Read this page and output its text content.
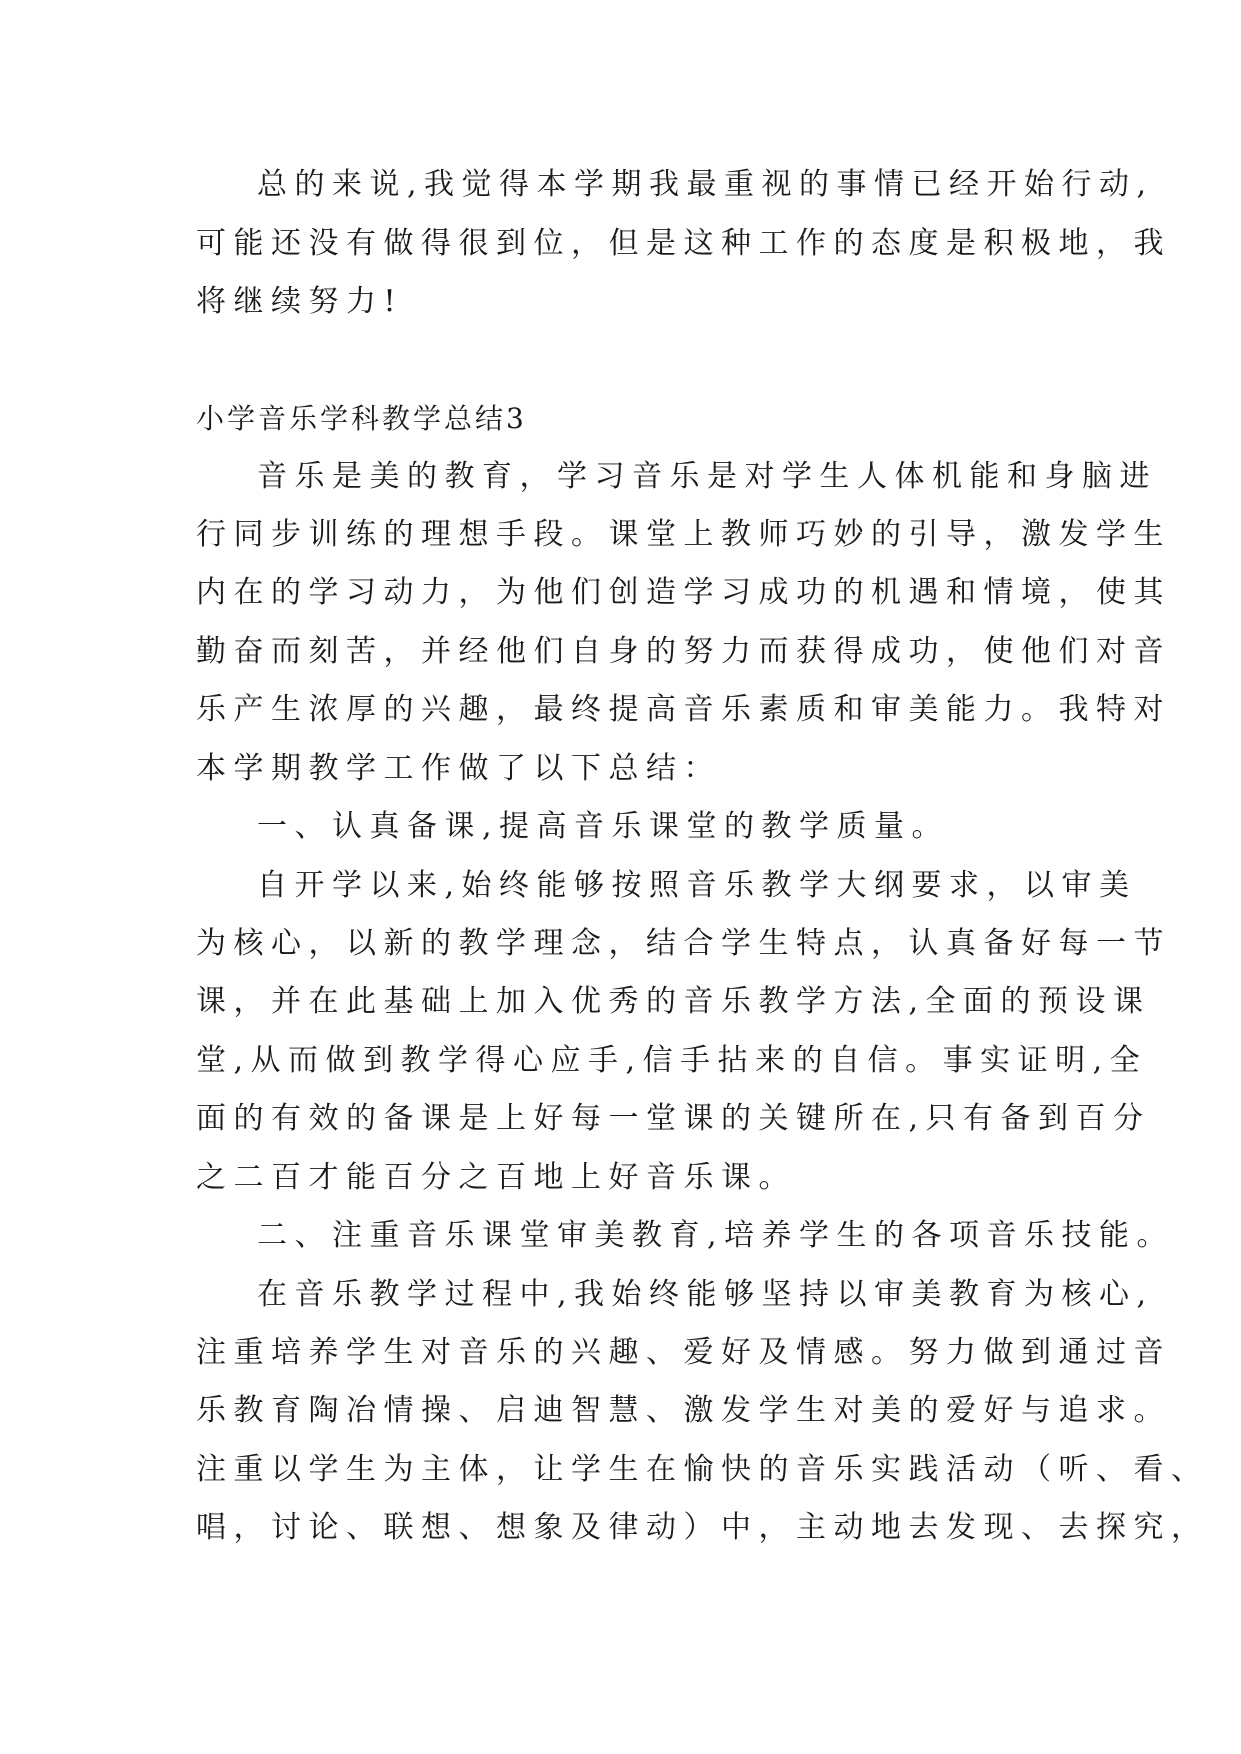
总的来说,我觉得本学期我最重视的事情已经开始行动,

可能还没有做得很到位，但是这种工作的态度是积极地，我

将继续努力!

小学音乐学科教学总结3

音乐是美的教育，学习音乐是对学生人体机能和身脑进

行同步训练的理想手段。课堂上教师巧妙的引导，激发学生

内在的学习动力，为他们创造学习成功的机遇和情境，使其

勤奋而刻苦，并经他们自身的努力而获得成功，使他们对音

乐产生浓厚的兴趣，最终提高音乐素质和审美能力。我特对

本学期教学工作做了以下总结：

一、认真备课,提高音乐课堂的教学质量。

自开学以来,始终能够按照音乐教学大纲要求，以审美

为核心，以新的教学理念，结合学生特点，认真备好每一节

课，并在此基础上加入优秀的音乐教学方法,全面的预设课

堂,从而做到教学得心应手,信手拈来的自信。事实证明,全

面的有效的备课是上好每一堂课的关键所在,只有备到百分

之二百才能百分之百地上好音乐课。

二、注重音乐课堂审美教育,培养学生的各项音乐技能。

在音乐教学过程中,我始终能够坚持以审美教育为核心,

注重培养学生对音乐的兴趣、爱好及情感。努力做到通过音

乐教育陶冶情操、启迪智慧、激发学生对美的爱好与追求。

注重以学生为主体，让学生在愉快的音乐实践活动（听、看、

唱，讨论、联想、想象及律动）中，主动地去发现、去探究，
